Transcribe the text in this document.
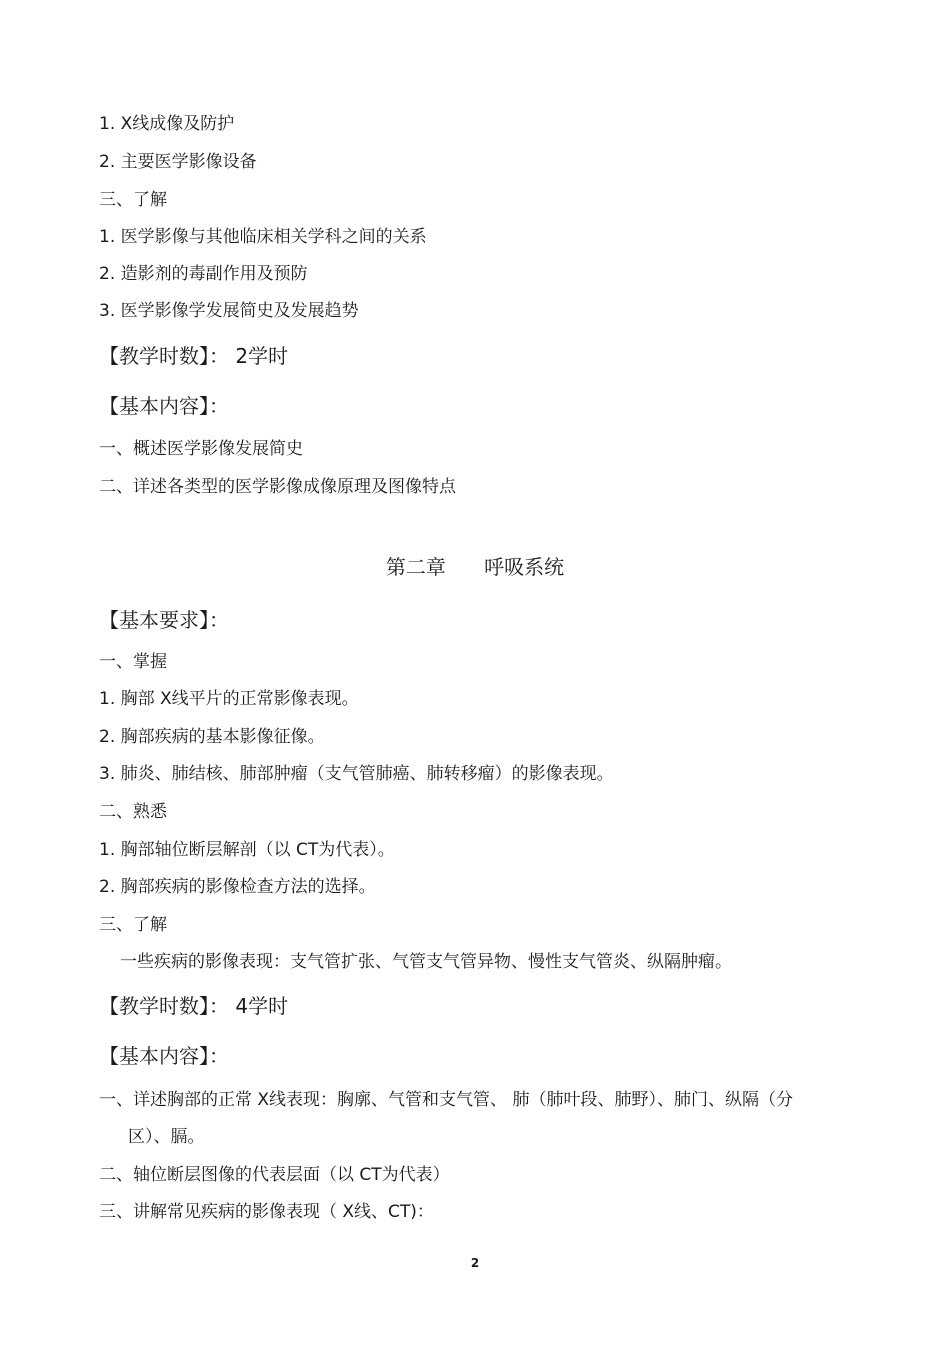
1. X线成像及防护
2. 主要医学影像设备
三、了解
1. 医学影像与其他临床相关学科之间的关系
2. 造影剂的毒副作用及预防
3. 医学影像学发展简史及发展趋势
【教学时数】： 2学时
【基本内容】：
一、概述医学影像发展简史
二、详述各类型的医学影像成像原理及图像特点
第二章      呼吸系统
【基本要求】：
一、掌握
1. 胸部 X线平片的正常影像表现。
2. 胸部疾病的基本影像征像。
3. 肺炎、肺结核、肺部肿瘤（支气管肺癌、肺转移瘤）的影像表现。
二、熟悉
1. 胸部轴位断层解剖（以 CT为代表）。
2. 胸部疾病的影像检查方法的选择。
三、了解
一些疾病的影像表现：支气管扩张、气管支气管异物、慢性支气管炎、纵隔肿瘤。
【教学时数】： 4学时
【基本内容】：
一、详述胸部的正常 X线表现：胸廓、气管和支气管、 肺（肺叶段、肺野）、肺门、纵隔（分
区）、膈。
二、轴位断层图像的代表层面（以 CT为代表）
三、讲解常见疾病的影像表现（ X线、CT)：
2
